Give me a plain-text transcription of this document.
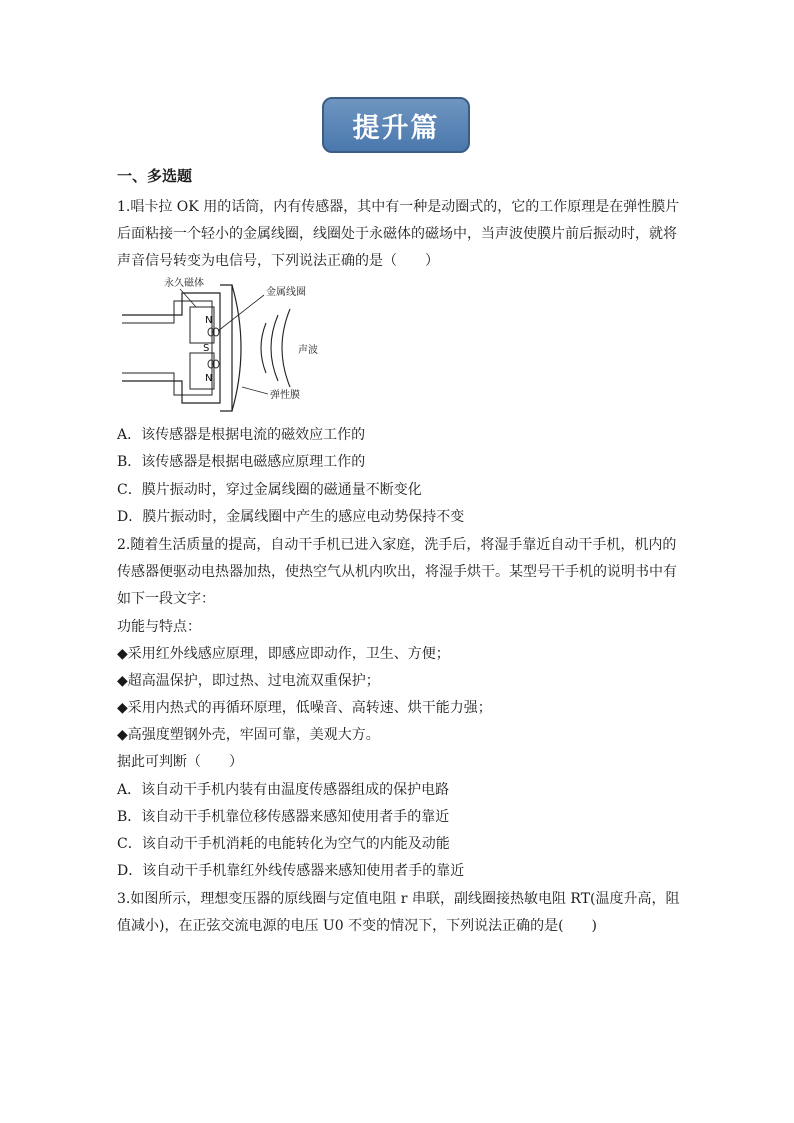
提升篇
一、多选题
1.唱卡拉 OK 用的话筒，内有传感器，其中有一种是动圈式的，它的工作原理是在弹性膜片
后面粘接一个轻小的金属线圈，线圈处于永磁体的磁场中，当声波使膜片前后振动时，就将
声音信号转变为电信号，下列说法正确的是（　　）
N
S
N
永久磁体
金属线圈
声波
弹性膜
A．该传感器是根据电流的磁效应工作的
B．该传感器是根据电磁感应原理工作的
C．膜片振动时，穿过金属线圈的磁通量不断变化
D．膜片振动时，金属线圈中产生的感应电动势保持不变
2.随着生活质量的提高，自动干手机已进入家庭，洗手后，将湿手靠近自动干手机，机内的
传感器便驱动电热器加热，使热空气从机内吹出，将湿手烘干。某型号干手机的说明书中有
如下一段文字：
功能与特点：
◆采用红外线感应原理，即感应即动作，卫生、方便；
◆超高温保护，即过热、过电流双重保护；
◆采用内热式的再循环原理，低噪音、高转速、烘干能力强；
◆高强度塑钢外壳，牢固可靠，美观大方。
据此可判断（　　）
A．该自动干手机内装有由温度传感器组成的保护电路
B．该自动干手机靠位移传感器来感知使用者手的靠近
C．该自动干手机消耗的电能转化为空气的内能及动能
D．该自动干手机靠红外线传感器来感知使用者手的靠近
3.如图所示，理想变压器的原线圈与定值电阻 r 串联，副线圈接热敏电阻 RT(温度升高，阻
值减小)，在正弦交流电源的电压 U0 不变的情况下，下列说法正确的是(　　)
